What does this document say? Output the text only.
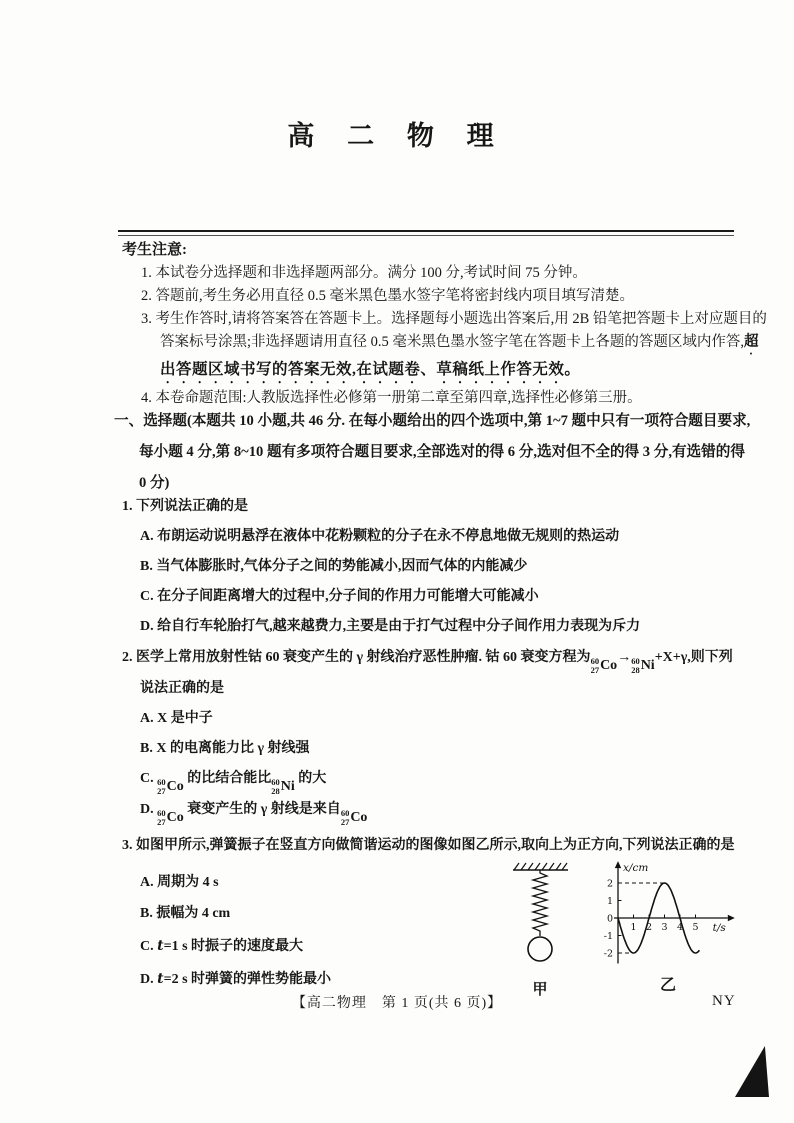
高 二 物 理
考生注意:
1. 本试卷分选择题和非选择题两部分。满分 100 分,考试时间 75 分钟。
2. 答题前,考生务必用直径 0.5 毫米黑色墨水签字笔将密封线内项目填写清楚。
3. 考生作答时,请将答案答在答题卡上。选择题每小题选出答案后,用 2B 铅笔把答题卡上对应题目的
答案标号涂黑;非选择题请用直径 0.5 毫米黑色墨水签字笔在答题卡上各题的答题区域内作答,超
出答题区域书写的答案无效,在试题卷、草稿纸上作答无效。
4. 本卷命题范围:人教版选择性必修第一册第二章至第四章,选择性必修第三册。
一、选择题(本题共 10 小题,共 46 分. 在每小题给出的四个选项中,第 1~7 题中只有一项符合题目要求,
每小题 4 分,第 8~10 题有多项符合题目要求,全部选对的得 6 分,选对但不全的得 3 分,有选错的得
0 分)
1. 下列说法正确的是
A. 布朗运动说明悬浮在液体中花粉颗粒的分子在永不停息地做无规则的热运动
B. 当气体膨胀时,气体分子之间的势能减小,因而气体的内能减少
C. 在分子间距离增大的过程中,分子间的作用力可能增大可能减小
D. 给自行车轮胎打气,越来越费力,主要是由于打气过程中分子间作用力表现为斥力
2. 医学上常用放射性钴 60 衰变产生的 γ 射线治疗恶性肿瘤. 钴 60 衰变方程为 60
27 Co → 60
28 Ni +X+γ,则下列
说法正确的是
A. X 是中子
B. X 的电离能力比 γ 射线强
C. 60
27 Co 的比结合能比 60
28 Ni 的大
D. 60
27 Co 衰变产生的 γ 射线是来自 60
27 Co
3. 如图甲所示,弹簧振子在竖直方向做简谐运动的图像如图乙所示,取向上为正方向,下列说法正确的是
A. 周期为 4 s
B. 振幅为 4 cm
C. t=1 s 时振子的速度最大
D. t=2 s 时弹簧的弹性势能最小
甲
1 2 3 4 5
2
1
-1
-2
0
x/cm
t/s
乙
【高二物理　第 1 页(共 6 页)】	NY
